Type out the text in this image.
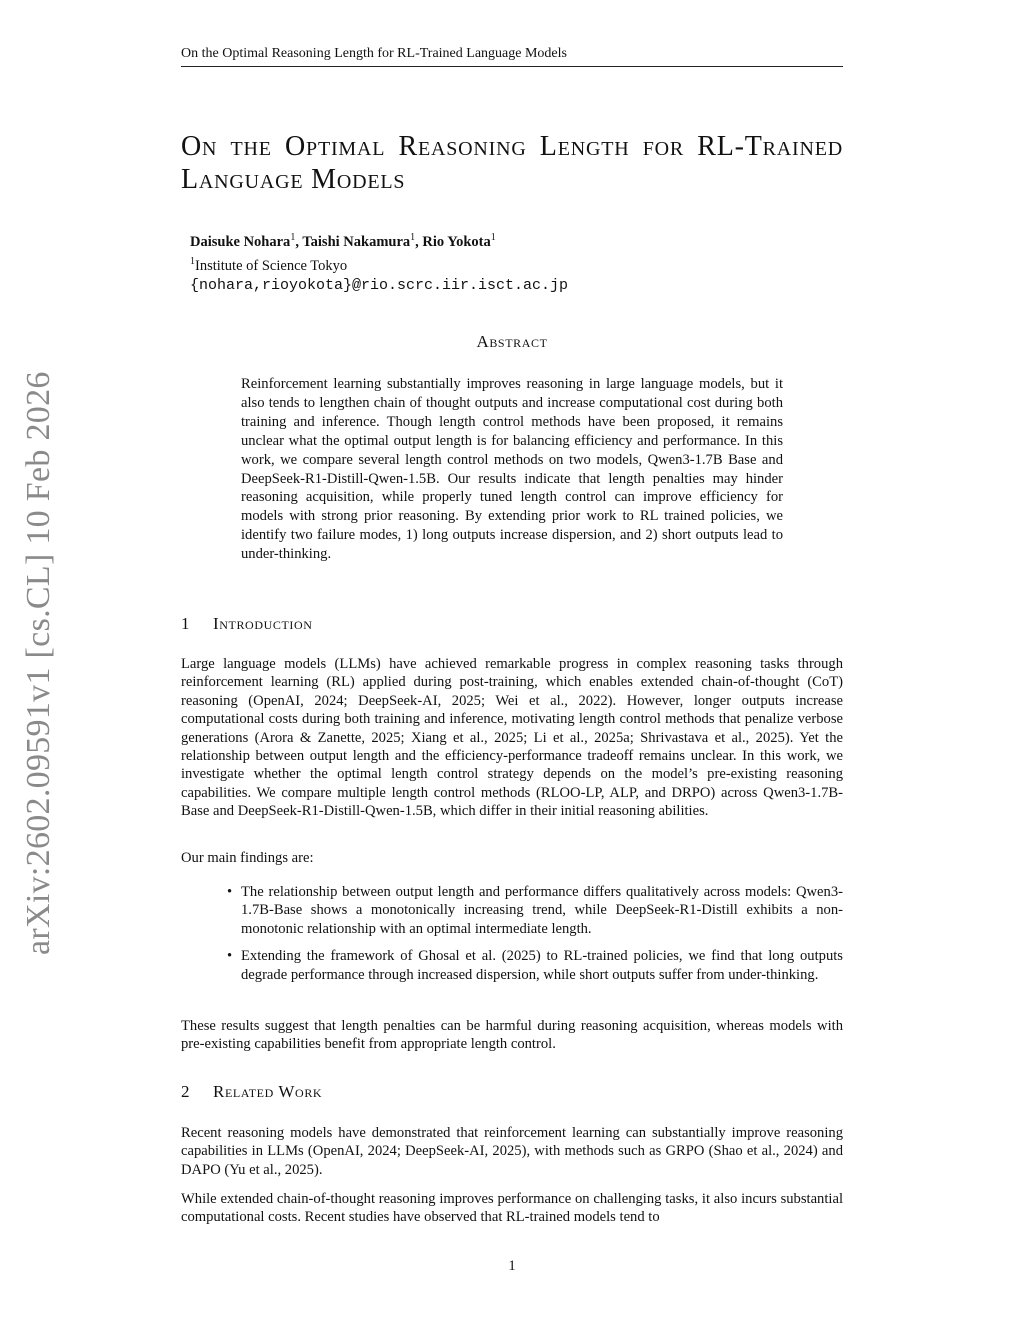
On the Optimal Reasoning Length for RL-Trained Language Models
arXiv:2602.09591v1 [cs.CL] 10 Feb 2026
On the Optimal Reasoning Length for RL-Trained Language Models
Daisuke Nohara$^1$, Taishi Nakamura$^1$, Rio Yokota$^1$
$^1$Institute of Science Tokyo
{nohara,rioyokota}@rio.scrc.iir.isct.ac.jp
Abstract

Reinforcement learning substantially improves reasoning in large language models, but it also tends to lengthen chain of thought outputs and increase computational cost during both training and inference. Though length control methods have been proposed, it remains unclear what the optimal output length is for balancing efficiency and performance. In this work, we compare several length control methods on two models, Qwen3-1.7B Base and DeepSeek-R1-Distill-Qwen-1.5B. Our results indicate that length penalties may hinder reasoning acquisition, while properly tuned length control can improve efficiency for models with strong prior reasoning. By extending prior work to RL trained policies, we identify two failure modes, 1) long outputs increase dispersion, and 2) short outputs lead to under-thinking.

1 Introduction

Large language models (LLMs) have achieved remarkable progress in complex reasoning tasks through reinforcement learning (RL) applied during post-training, which enables extended chain-of-thought (CoT) reasoning (OpenAI, 2024; DeepSeek-AI, 2025; Wei et al., 2022). However, longer outputs increase computational costs during both training and inference, motivating length control methods that penalize verbose generations (Arora & Zanette, 2025; Xiang et al., 2025; Li et al., 2025a; Shrivastava et al., 2025). Yet the relationship between output length and the efficiency-performance tradeoff remains unclear. In this work, we investigate whether the optimal length control strategy depends on the model’s pre-existing reasoning capabilities. We compare multiple length control methods (RLOO-LP, ALP, and DRPO) across Qwen3-1.7B-Base and DeepSeek-R1-Distill-Qwen-1.5B, which differ in their initial reasoning abilities.

Our main findings are:

• The relationship between output length and performance differs qualitatively across models: Qwen3-1.7B-Base shows a monotonically increasing trend, while DeepSeek-R1-Distill exhibits a non-monotonic relationship with an optimal intermediate length.
• Extending the framework of Ghosal et al. (2025) to RL-trained policies, we find that long outputs degrade performance through increased dispersion, while short outputs suffer from under-thinking.

These results suggest that length penalties can be harmful during reasoning acquisition, whereas models with pre-existing capabilities benefit from appropriate length control.

2 Related Work

Recent reasoning models have demonstrated that reinforcement learning can substantially improve reasoning capabilities in LLMs (OpenAI, 2024; DeepSeek-AI, 2025), with methods such as GRPO (Shao et al., 2024) and DAPO (Yu et al., 2025).

While extended chain-of-thought reasoning improves performance on challenging tasks, it also incurs substantial computational costs. Recent studies have observed that RL-trained models tend to

1
